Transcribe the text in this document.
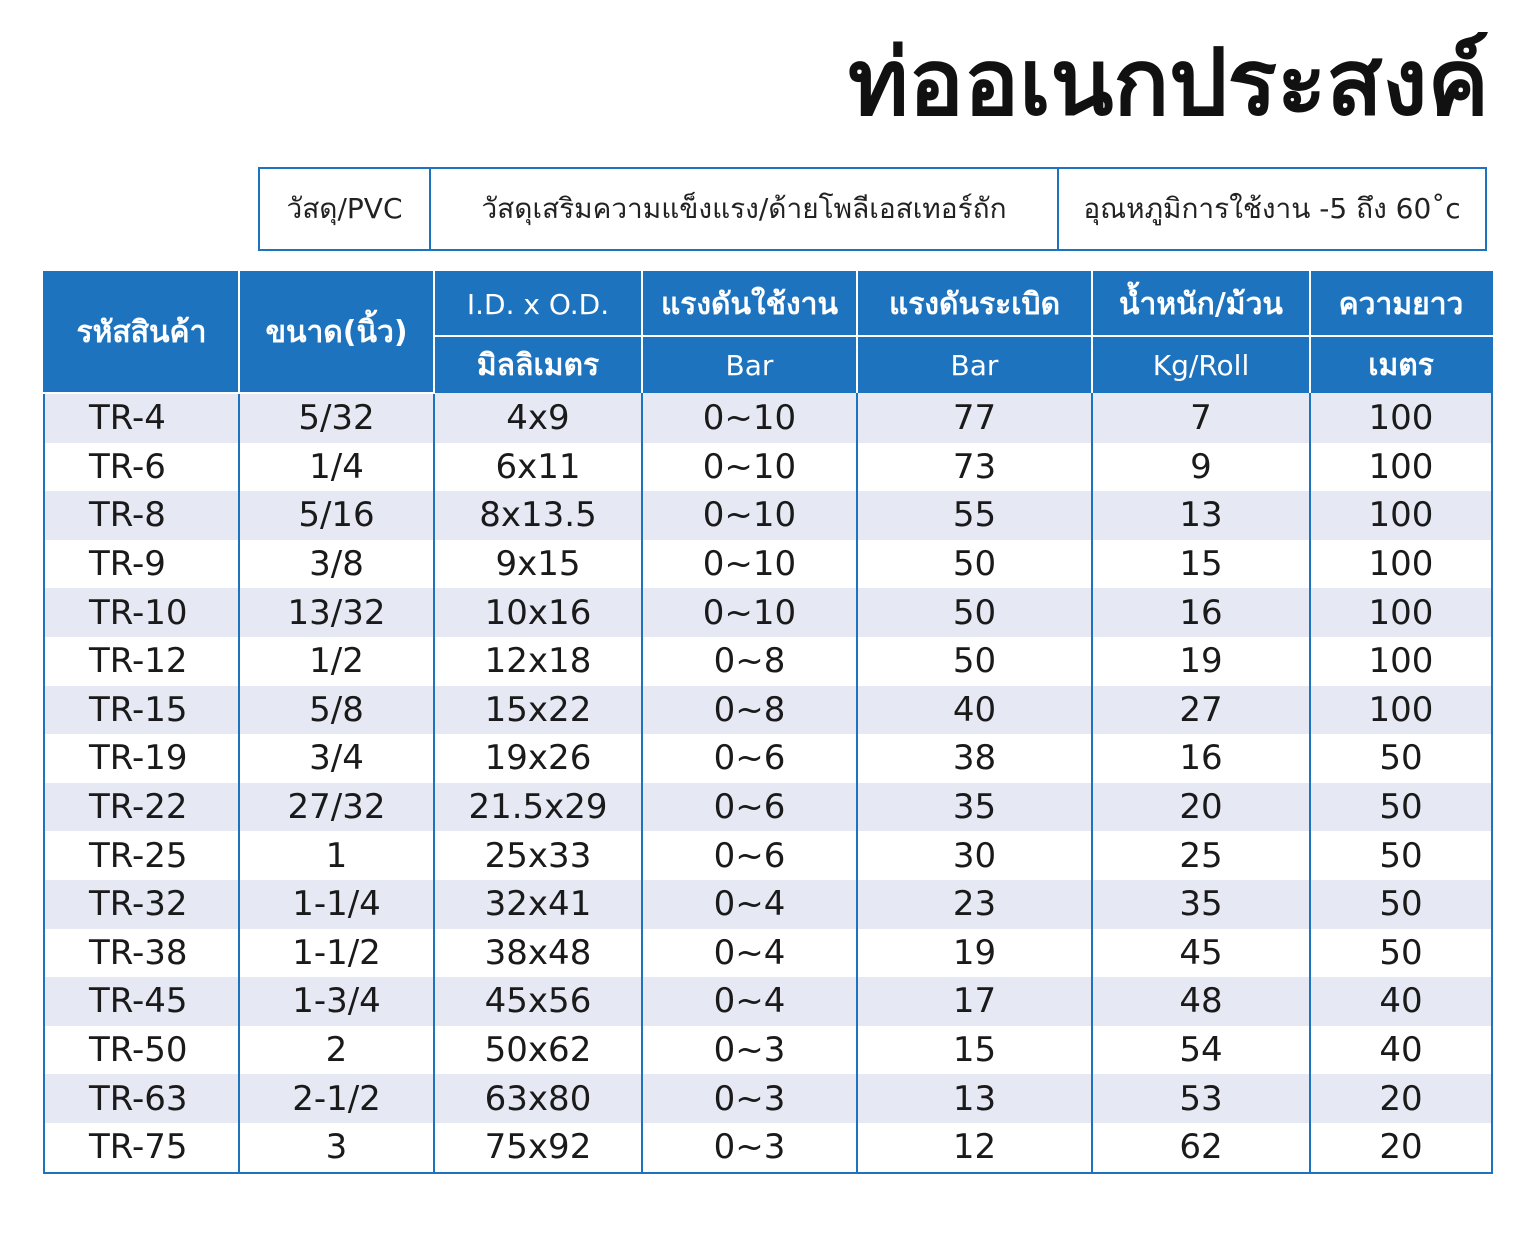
ท่ออเนกประสงค์
วัสดุ/PVC	วัสดุเสริมความแข็งแรง/ด้ายโพลีเอสเทอร์ถัก	อุณหภูมิการใช้งาน -5 ถึง 60˚c
รหัสสินค้า	ขนาด(นิ้ว)	I.D. x O.D.	แรงดันใช้งาน	แรงดันระเบิด	น้ำหนัก/ม้วน	ความยาว
		มิลลิเมตร	Bar	Bar	Kg/Roll	เมตร
TR-4	5/32	4x9	0~10	77	7	100
TR-6	1/4	6x11	0~10	73	9	100
TR-8	5/16	8x13.5	0~10	55	13	100
TR-9	3/8	9x15	0~10	50	15	100
TR-10	13/32	10x16	0~10	50	16	100
TR-12	1/2	12x18	0~8	50	19	100
TR-15	5/8	15x22	0~8	40	27	100
TR-19	3/4	19x26	0~6	38	16	50
TR-22	27/32	21.5x29	0~6	35	20	50
TR-25	1	25x33	0~6	30	25	50
TR-32	1-1/4	32x41	0~4	23	35	50
TR-38	1-1/2	38x48	0~4	19	45	50
TR-45	1-3/4	45x56	0~4	17	48	40
TR-50	2	50x62	0~3	15	54	40
TR-63	2-1/2	63x80	0~3	13	53	20
TR-75	3	75x92	0~3	12	62	20
